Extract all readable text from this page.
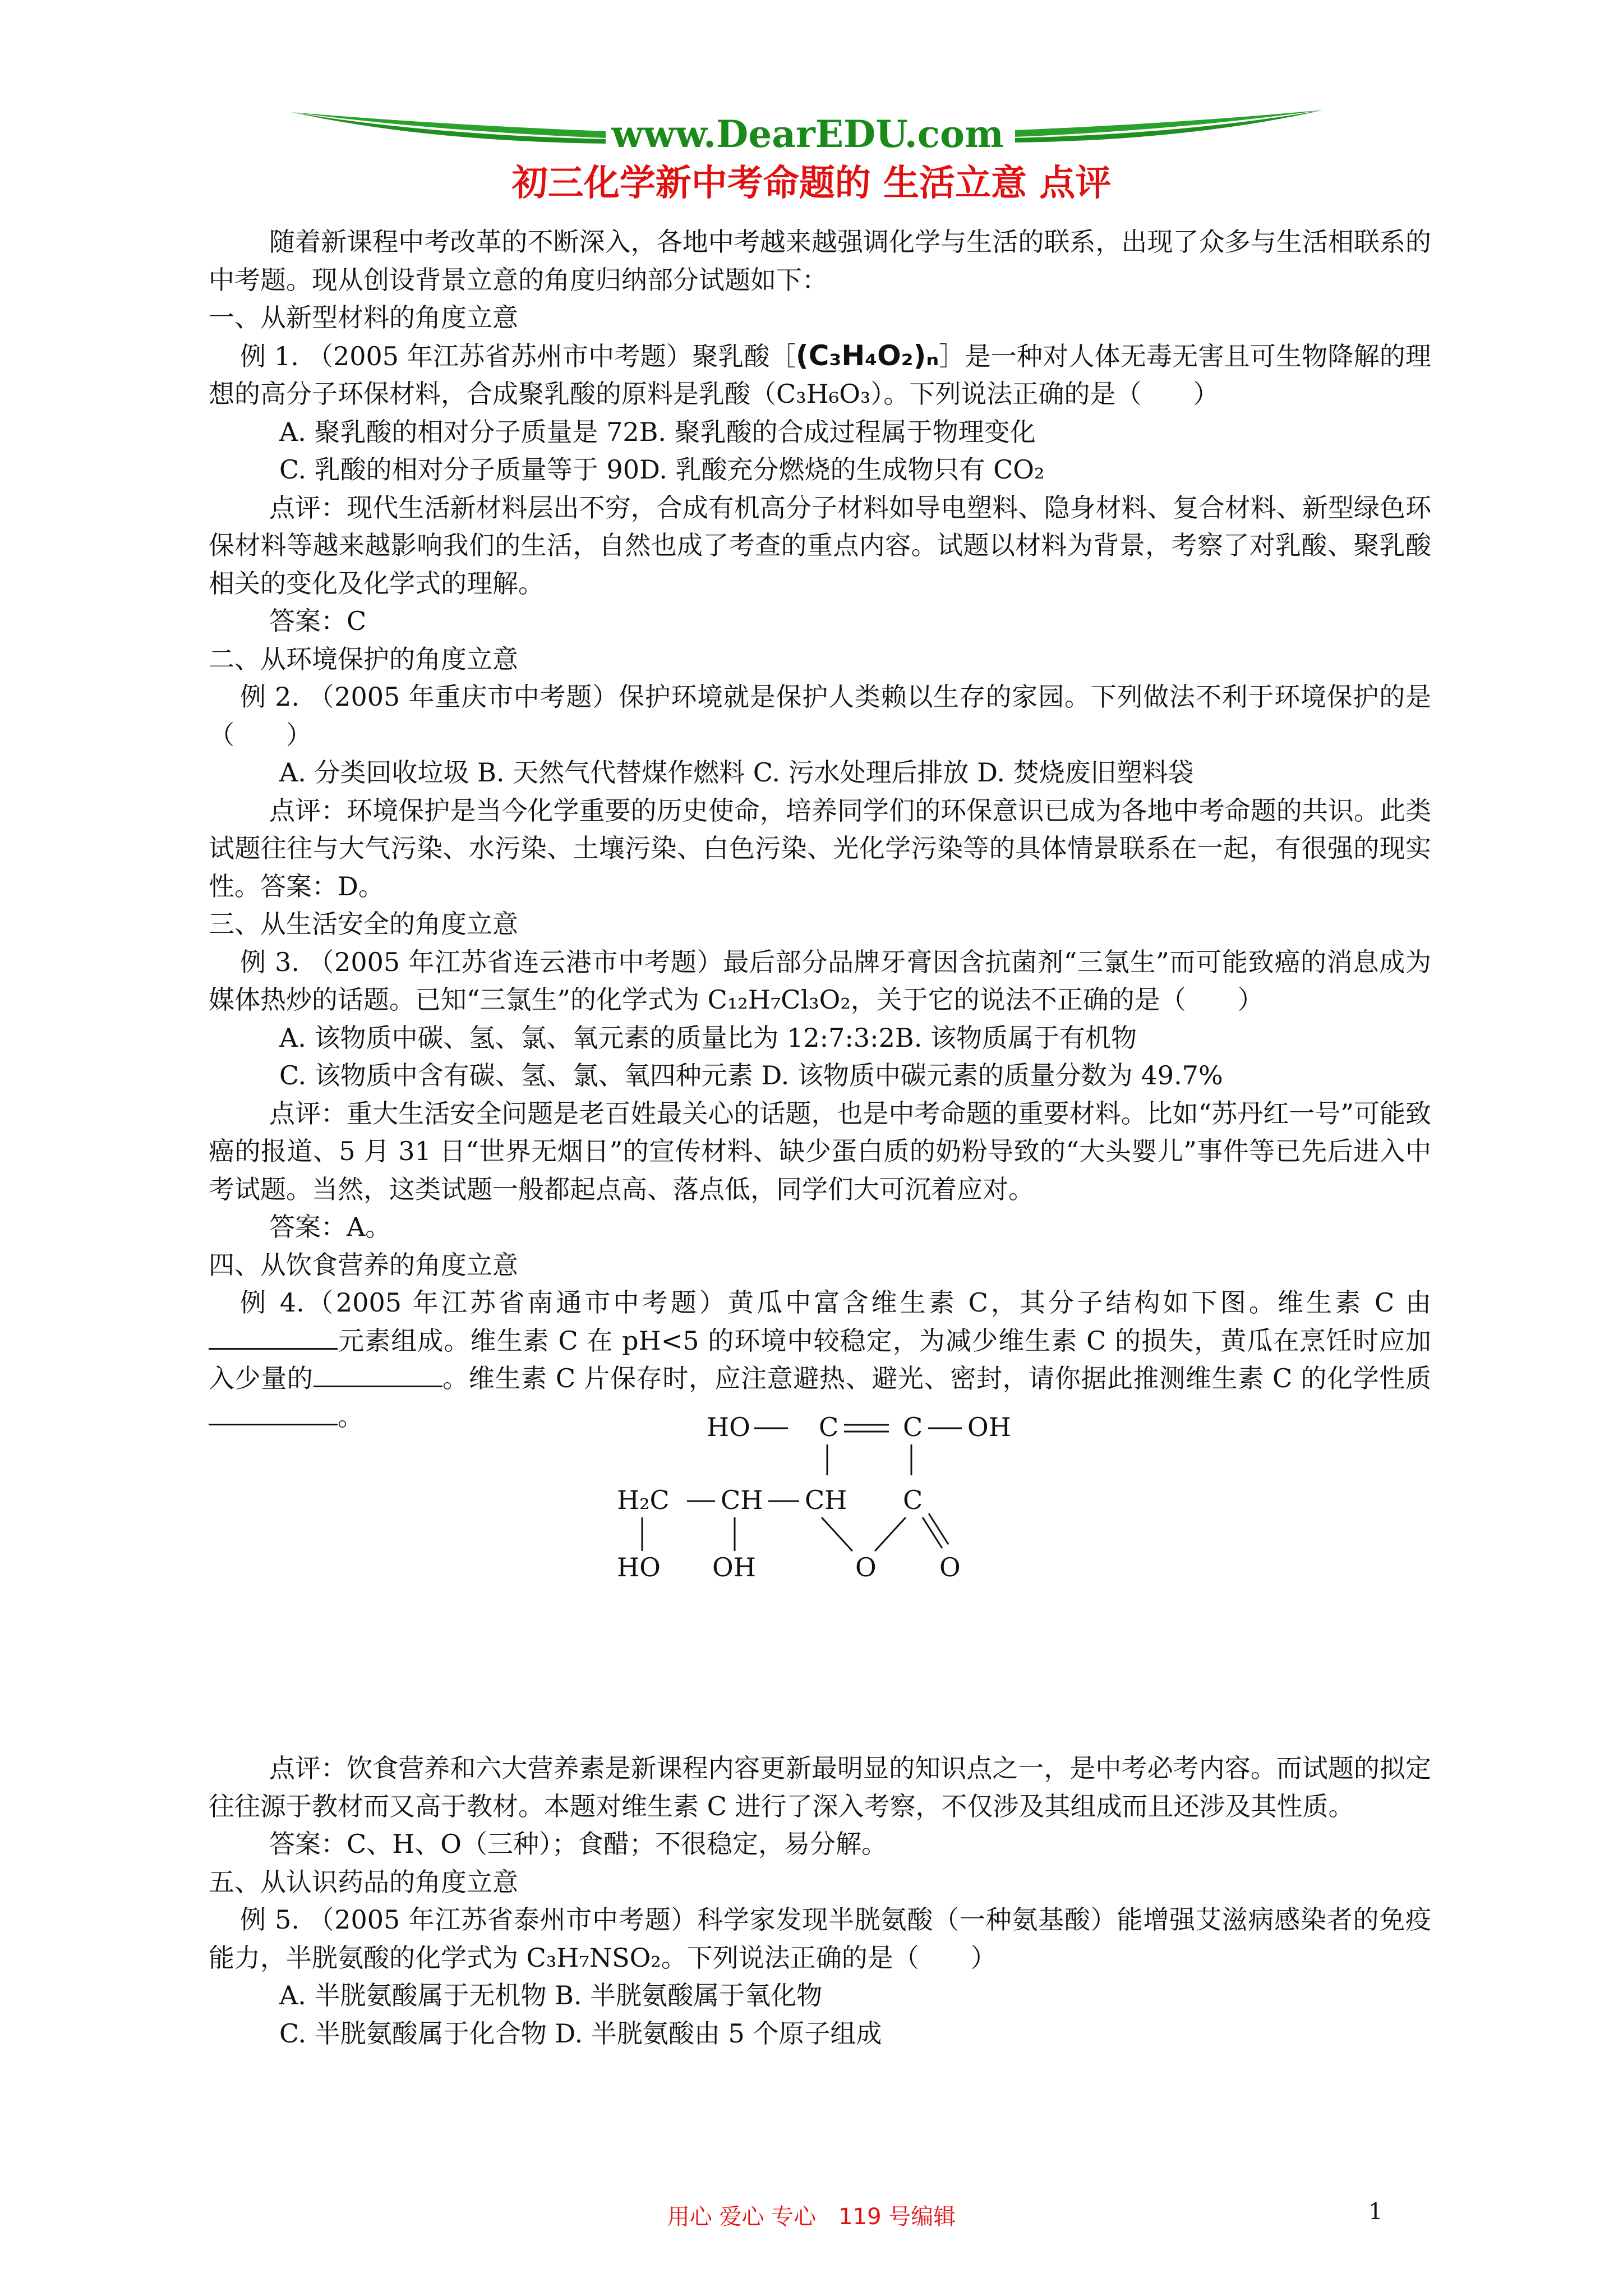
www.DearEDU.com
初三化学新中考命题的 生活立意 点评

随着新课程中考改革的不断深入，各地中考越来越强调化学与生活的联系，出现了众多与生活相联系的中考题。现从创设背景立意的角度归纳部分试题如下：

一、从新型材料的角度立意

例 1. （2005 年江苏省苏州市中考题）聚乳酸［(C₃H₄O₂)ₙ］是一种对人体无毒无害且可生物降解的理想的高分子环保材料，合成聚乳酸的原料是乳酸（C₃H₆O₃）。下列说法正确的是（　　）

A. 聚乳酸的相对分子质量是 72B. 聚乳酸的合成过程属于物理变化

C. 乳酸的相对分子质量等于 90D. 乳酸充分燃烧的生成物只有 CO₂

点评：现代生活新材料层出不穷，合成有机高分子材料如导电塑料、隐身材料、复合材料、新型绿色环保材料等越来越影响我们的生活，自然也成了考查的重点内容。试题以材料为背景，考察了对乳酸、聚乳酸相关的变化及化学式的理解。

答案：C

二、从环境保护的角度立意

例 2. （2005 年重庆市中考题）保护环境就是保护人类赖以生存的家园。下列做法不利于环境保护的是（　　）

A. 分类回收垃圾 B. 天然气代替煤作燃料 C. 污水处理后排放 D. 焚烧废旧塑料袋

点评：环境保护是当今化学重要的历史使命，培养同学们的环保意识已成为各地中考命题的共识。此类试题往往与大气污染、水污染、土壤污染、白色污染、光化学污染等的具体情景联系在一起，有很强的现实性。答案：D。

三、从生活安全的角度立意

例 3. （2005 年江苏省连云港市中考题）最后部分品牌牙膏因含抗菌剂“三氯生”而可能致癌的消息成为媒体热炒的话题。已知“三氯生”的化学式为 C₁₂H₇Cl₃O₂，关于它的说法不正确的是（　　）

A. 该物质中碳、氢、氯、氧元素的质量比为 12:7:3:2B. 该物质属于有机物

C. 该物质中含有碳、氢、氯、氧四种元素 D. 该物质中碳元素的质量分数为 49.7%

点评：重大生活安全问题是老百姓最关心的话题，也是中考命题的重要材料。比如“苏丹红一号”可能致癌的报道、5 月 31 日“世界无烟日”的宣传材料、缺少蛋白质的奶粉导致的“大头婴儿”事件等已先后进入中考试题。当然，这类试题一般都起点高、落点低，同学们大可沉着应对。

答案：A。

四、从饮食营养的角度立意

例 4.（2005 年江苏省南通市中考题）黄瓜中富含维生素 C，其分子结构如下图。维生素 C 由元素组成。维生素 C 在 pH<5 的环境中较稳定，为减少维生素 C 的损失，黄瓜在烹饪时应加入少量的	。维生素 C 片保存时，应注意避热、避光、密封，请你据此推测维生素 C 的化学性质。

点评：饮食营养和六大营养素是新课程内容更新最明显的知识点之一，是中考必考内容。而试题的拟定往往源于教材而又高于教材。本题对维生素 C 进行了深入考察，不仅涉及其组成而且还涉及其性质。

答案：C、H、O（三种）；食醋；不很稳定，易分解。

五、从认识药品的角度立意

例 5. （2005 年江苏省泰州市中考题）科学家发现半胱氨酸（一种氨基酸）能增强艾滋病感染者的免疫能力，半胱氨酸的化学式为 C₃H₇NSO₂。下列说法正确的是（　　）

A. 半胱氨酸属于无机物 B. 半胱氨酸属于氧化物

C. 半胱氨酸属于化合物 D. 半胱氨酸由 5 个原子组成

HO	C C OH
H₂C CH CH C
HO OH	O O
用心 爱心 专心　119 号编辑	1
